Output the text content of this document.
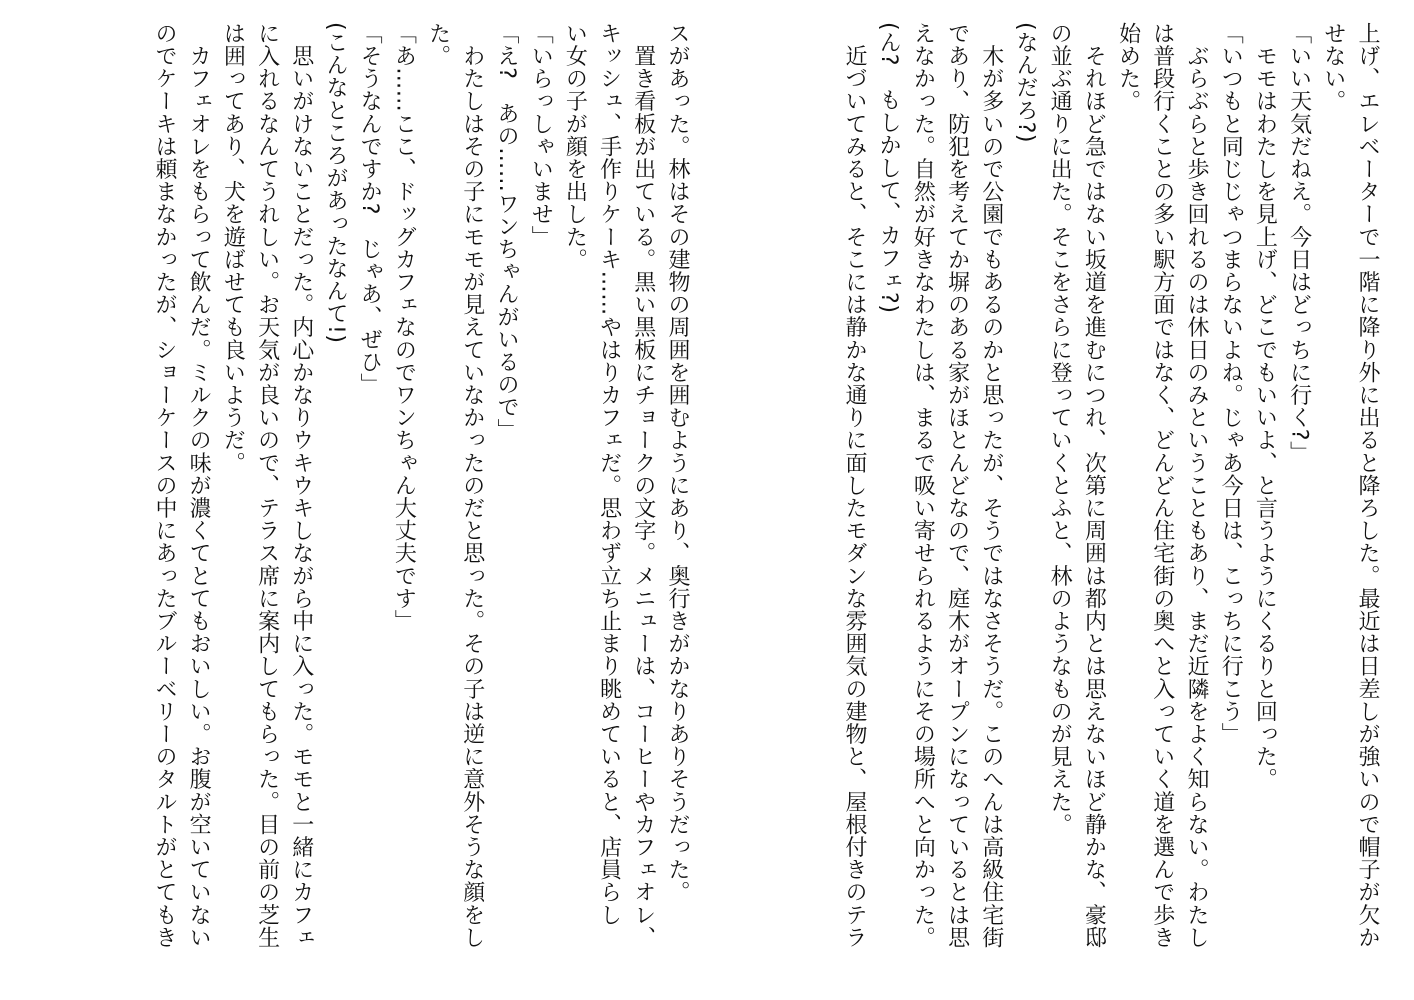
上げ、エレベーターで一階に降り外に出ると降ろした。最近は日差しが強いので帽子が欠か
せない。
「いい天気だねえ。今日はどっちに行く?」
　モモはわたしを見上げ、どこでもいいよ、と言うようにくるりと回った。
「いつもと同じじゃつまらないよね。じゃあ今日は、こっちに行こう」
　ぶらぶらと歩き回れるのは休日のみということもあり、まだ近隣をよく知らない。わたし
は普段行くことの多い駅方面ではなく、どんどん住宅街の奥へと入っていく道を選んで歩き
始めた。
　それほど急ではない坂道を進むにつれ、次第に周囲は都内とは思えないほど静かな、豪邸
の並ぶ通りに出た。そこをさらに登っていくとふと、林のようなものが見えた。
(なんだろ?)
　木が多いので公園でもあるのかと思ったが、そうではなさそうだ。このへんは高級住宅街
であり、防犯を考えてか塀のある家がほとんどなので、庭木がオープンになっているとは思
えなかった。自然が好きなわたしは、まるで吸い寄せられるようにその場所へと向かった。
(ん?　もしかして、カフェ?)
　近づいてみると、そこには静かな通りに面したモダンな雰囲気の建物と、屋根付きのテラ
スがあった。林はその建物の周囲を囲むようにあり、奥行きがかなりありそうだった。
　置き看板が出ている。黒い黒板にチョークの文字。メニューは、コーヒーやカフェオレ、
キッシュ、手作りケーキ……やはりカフェだ。思わず立ち止まり眺めていると、店員らし
い女の子が顔を出した。
「いらっしゃいませ」
「え?　あの……ワンちゃんがいるので」
　わたしはその子にモモが見えていなかったのだと思った。その子は逆に意外そうな顔をし
た。
「あ……ここ、ドッグカフェなのでワンちゃん大丈夫です」
「そうなんですか?　じゃあ、ぜひ」
(こんなところがあったなんて!)
　思いがけないことだった。内心かなりウキウキしながら中に入った。モモと一緒にカフェ
に入れるなんてうれしい。お天気が良いので、テラス席に案内してもらった。目の前の芝生
は囲ってあり、犬を遊ばせても良いようだ。
　カフェオレをもらって飲んだ。ミルクの味が濃くてとてもおいしい。お腹が空いていない
のでケーキは頼まなかったが、ショーケースの中にあったブルーベリーのタルトがとてもき
